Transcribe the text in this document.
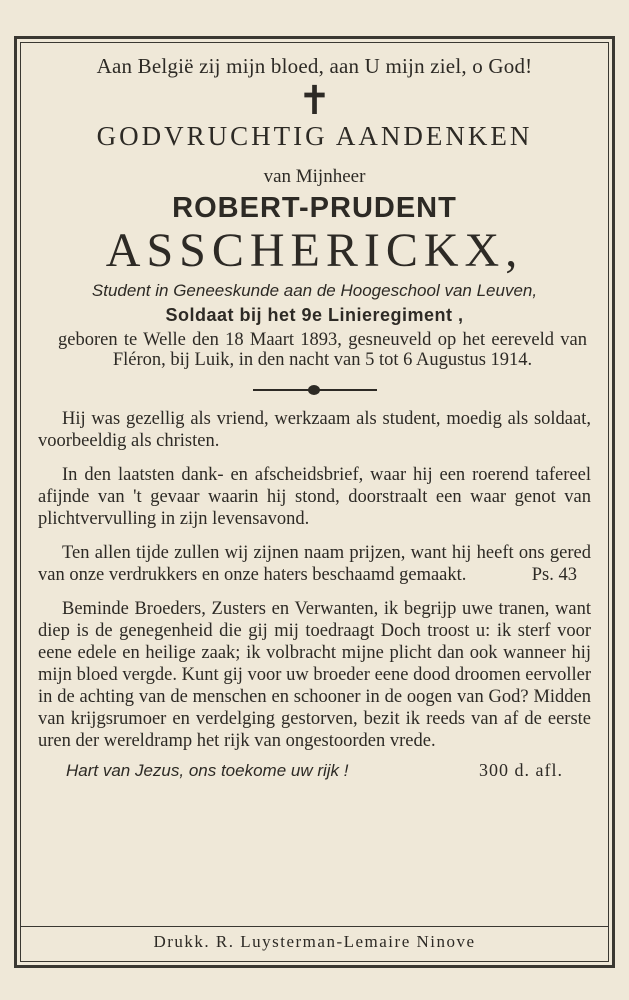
Aan België zij mijn bloed, aan U mijn ziel, o God!
✝
GODVRUCHTIG AANDENKEN
van Mijnheer
ROBERT-PRUDENT
ASSCHERICKX,
Student in Geneeskunde aan de Hoogeschool van Leuven,
Soldaat bij het 9e Linieregiment ,
geboren te Welle den 18 Maart 1893, gesneuveld op het eereveld van Fléron, bij Luik, in den nacht van 5 tot 6 Augustus 1914.

Hij was gezellig als vriend, werkzaam als student, moedig als soldaat, voorbeeldig als christen.

In den laatsten dank- en afscheidsbrief, waar hij een roerend tafereel afijnde van 't gevaar waarin hij stond, doorstraalt een waar genot van plichtvervulling in zijn levensavond.

Ten allen tijde zullen wij zijnen naam prijzen, want hij heeft ons gered van onze verdrukkers en onze haters beschaamd gemaakt.	Ps. 43

Beminde Broeders, Zusters en Verwanten, ik begrijp uwe tranen, want diep is de genegenheid die gij mij toedraagt Doch troost u: ik sterf voor eene edele en heilige zaak; ik volbracht mijne plicht dan ook wanneer hij mijn bloed vergde. Kunt gij voor uw broeder eene dood droomen eervoller in de achting van de menschen en schooner in de oogen van God? Midden van krijgsrumoer en verdelging gestorven, bezit ik reeds van af de eerste uren der wereldramp het rijk van ongestoorden vrede.

Hart van Jezus, ons toekome uw rijk !	300 d. afl.
Drukk. R. Luysterman-Lemaire Ninove
